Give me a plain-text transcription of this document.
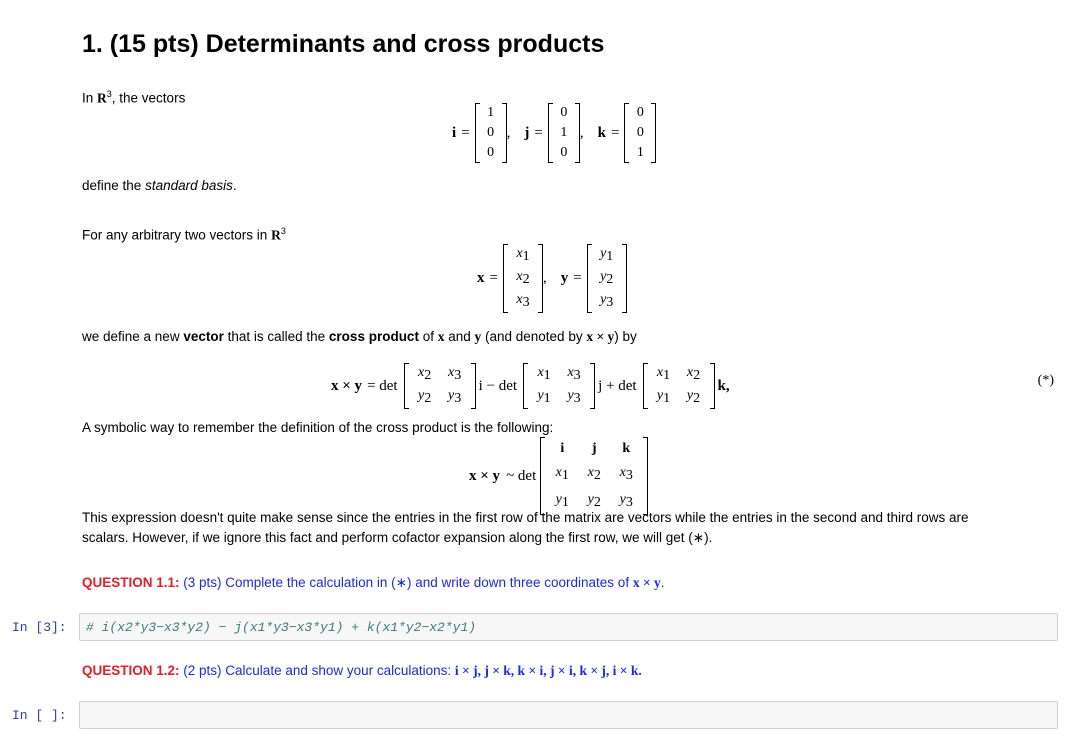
1. (15 pts) Determinants and cross products
In $R^3$, the vectors
i =
1
0
0
, j =
0
1
0
, k =
0
0
1
define the standard basis.
For any arbitrary two vectors in $R^3$
x =
x1
x2
x3
, y =
y1
y2
y3
we define a new vector that is called the cross product of x and y (and denoted by x × y) by
x × y = det
x2	x3
y2	y3
i − det
x1	x3
y1	y3
j + det
x1	x2
y1	y2
k,	(*)
A symbolic way to remember the definition of the cross product is the following:
x × y ~ det
i	j	k
x1	x2	x3
y1	y2	y3
This expression doesn't quite make sense since the entries in the first row of the matrix are vectors while the entries in the second and third rows are
scalars. However, if we ignore this fact and perform cofactor expansion along the first row, we will get (∗).
QUESTION 1.1: (3 pts) Complete the calculation in (∗) and write down three coordinates of x × y.
In [3]:	# i(x2*y3−x3*y2) − j(x1*y3−x3*y1) + k(x1*y2−x2*y1)
QUESTION 1.2: (2 pts) Calculate and show your calculations: i × j, j × k, k × i, j × i, k × j, i × k.
In [ ]:
